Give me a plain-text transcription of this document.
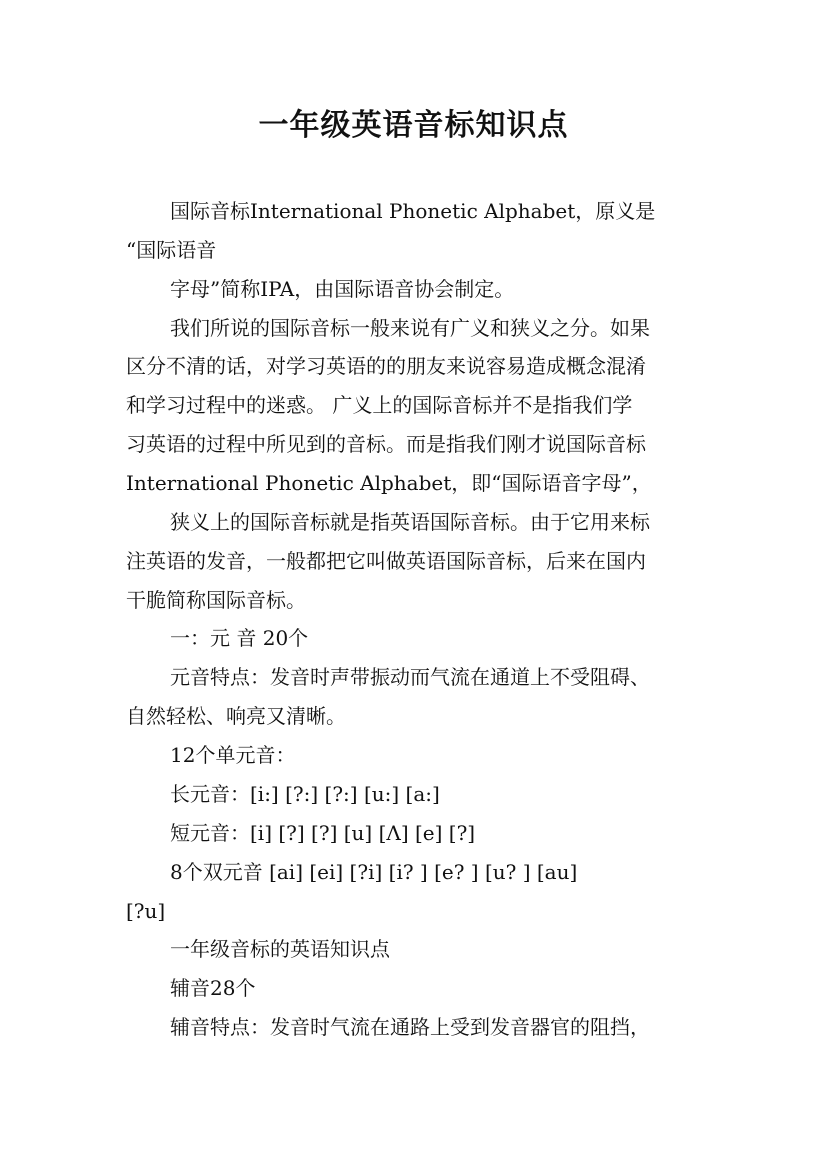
一年级英语音标知识点

国际音标International Phonetic Alphabet，原义是

“国际语音

字母”简称IPA，由国际语音协会制定。

我们所说的国际音标一般来说有广义和狭义之分。如果

区分不清的话，对学习英语的的朋友来说容易造成概念混淆

和学习过程中的迷惑。 广义上的国际音标并不是指我们学

习英语的过程中所见到的音标。而是指我们刚才说国际音标

International Phonetic Alphabet，即“国际语音字母”，

狭义上的国际音标就是指英语国际音标。由于它用来标

注英语的发音，一般都把它叫做英语国际音标，后来在国内

干脆简称国际音标。

一：元 音 20个

元音特点：发音时声带振动而气流在通道上不受阻碍、

自然轻松、响亮又清晰。

12个单元音：

长元音：[i:] [?:] [?:] [u:] [a:]

短元音：[i] [?] [?] [u] [Λ] [e] [?]

8个双元音 [ai] [ei] [?i] [i? ] [e? ] [u? ] [au]

[?u]

一年级音标的英语知识点

辅音28个

辅音特点：发音时气流在通路上受到发音器官的阻挡，
